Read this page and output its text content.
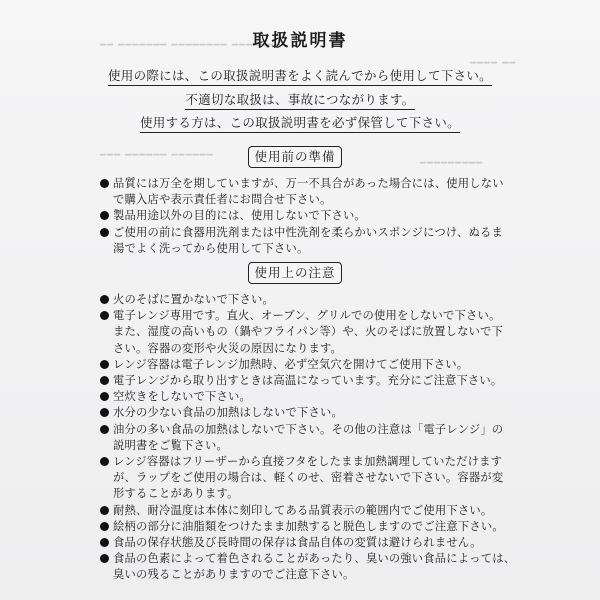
━━ ━━━━━━━ ━━━━━━━━ ━━━━━━━
━━━━ ━━
━━━ ━━━━━━ ━━━━━━
━━━━━━━━━
取扱説明書
使用の際には、この取扱説明書をよく読んでから使用して下さい。
不適切な取扱は、事故につながります。
使用する方は、この取扱説明書を必ず保管して下さい。
使用前の準備
品質には万全を期していますが、万一不具合があった場合には、使用しない
で購入店や表示責任者にお問合せ下さい。
製品用途以外の目的には、使用しないで下さい。
ご使用の前に食器用洗剤または中性洗剤を柔らかいスポンジにつけ、ぬるま
湯でよく洗ってから使用して下さい。
使用上の注意
火のそばに置かないで下さい。
電子レンジ専用です。直火、オーブン、グリルでの使用をしないで下さい。
また、湿度の高いもの（鍋やフライパン等）や、火のそばに放置しないで下
さい。容器の変形や火災の原因になります。
レンジ容器は電子レンジ加熱時、必ず空気穴を開けてご使用下さい。
電子レンジから取り出すときは高温になっています。充分にご注意下さい。
空炊きをしないで下さい。
水分の少ない食品の加熱はしないで下さい。
油分の多い食品の加熱はしないで下さい。その他の注意は「電子レンジ」の
説明書をご覧下さい。
レンジ容器はフリーザーから直接フタをしたまま加熱調理していただけます
が、ラップをご使用の場合は、軽くのせ、密着させないで下さい。容器が変
形することがあります。
耐熱、耐冷温度は本体に刻印してある品質表示の範囲内でご使用下さい。
絵柄の部分に油脂類をつけたまま加熱すると脱色しますのでご注意下さい。
食品の保存状態及び長時間の保存は食品自体の変質は避けられません。
食品の色素によって着色されることがあったり、臭いの強い食品によっては、
臭いの残ることがありますのでご注意下さい。
